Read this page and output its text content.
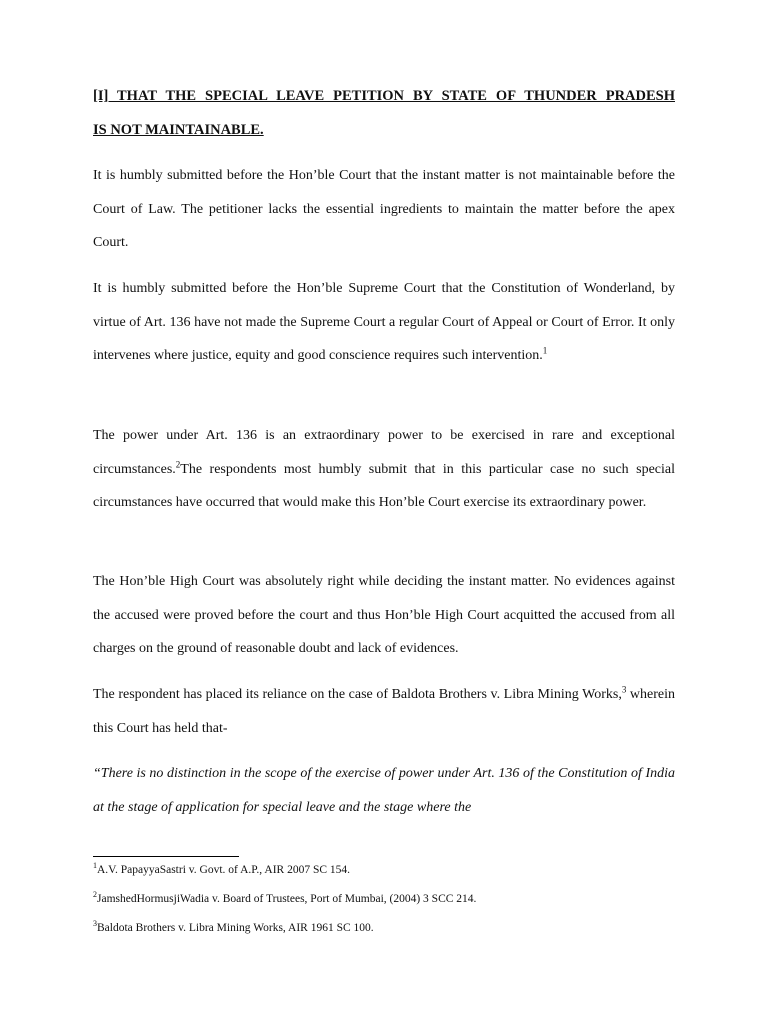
[I] THAT THE SPECIAL LEAVE PETITION BY STATE OF THUNDER PRADESH
IS NOT MAINTAINABLE.

It is humbly submitted before the Hon’ble Court that the instant matter is not maintainable before the Court of Law. The petitioner lacks the essential ingredients to maintain the matter before the apex Court.

It is humbly submitted before the Hon’ble Supreme Court that the Constitution of Wonderland, by virtue of Art. 136 have not made the Supreme Court a regular Court of Appeal or Court of Error. It only intervenes where justice, equity and good conscience requires such intervention.$^1$

The power under Art. 136 is an extraordinary power to be exercised in rare and exceptional circumstances.$^2$The respondents most humbly submit that in this particular case no such special circumstances have occurred that would make this Hon’ble Court exercise its extraordinary power.

The Hon’ble High Court was absolutely right while deciding the instant matter. No evidences against the accused were proved before the court and thus Hon’ble High Court acquitted the accused from all charges on the ground of reasonable doubt and lack of evidences.

The respondent has placed its reliance on the case of Baldota Brothers v. Libra Mining Works,$^3$ wherein this Court has held that-

“There is no distinction in the scope of the exercise of power under Art. 136 of the Constitution of India at the stage of application for special leave and the stage where the

$^1$A.V. PapayyaSastri v. Govt. of A.P., AIR 2007 SC 154.
$^2$JamshedHormusjiWadia v. Board of Trustees, Port of Mumbai, (2004) 3 SCC 214.
$^3$Baldota Brothers v. Libra Mining Works, AIR 1961 SC 100.
